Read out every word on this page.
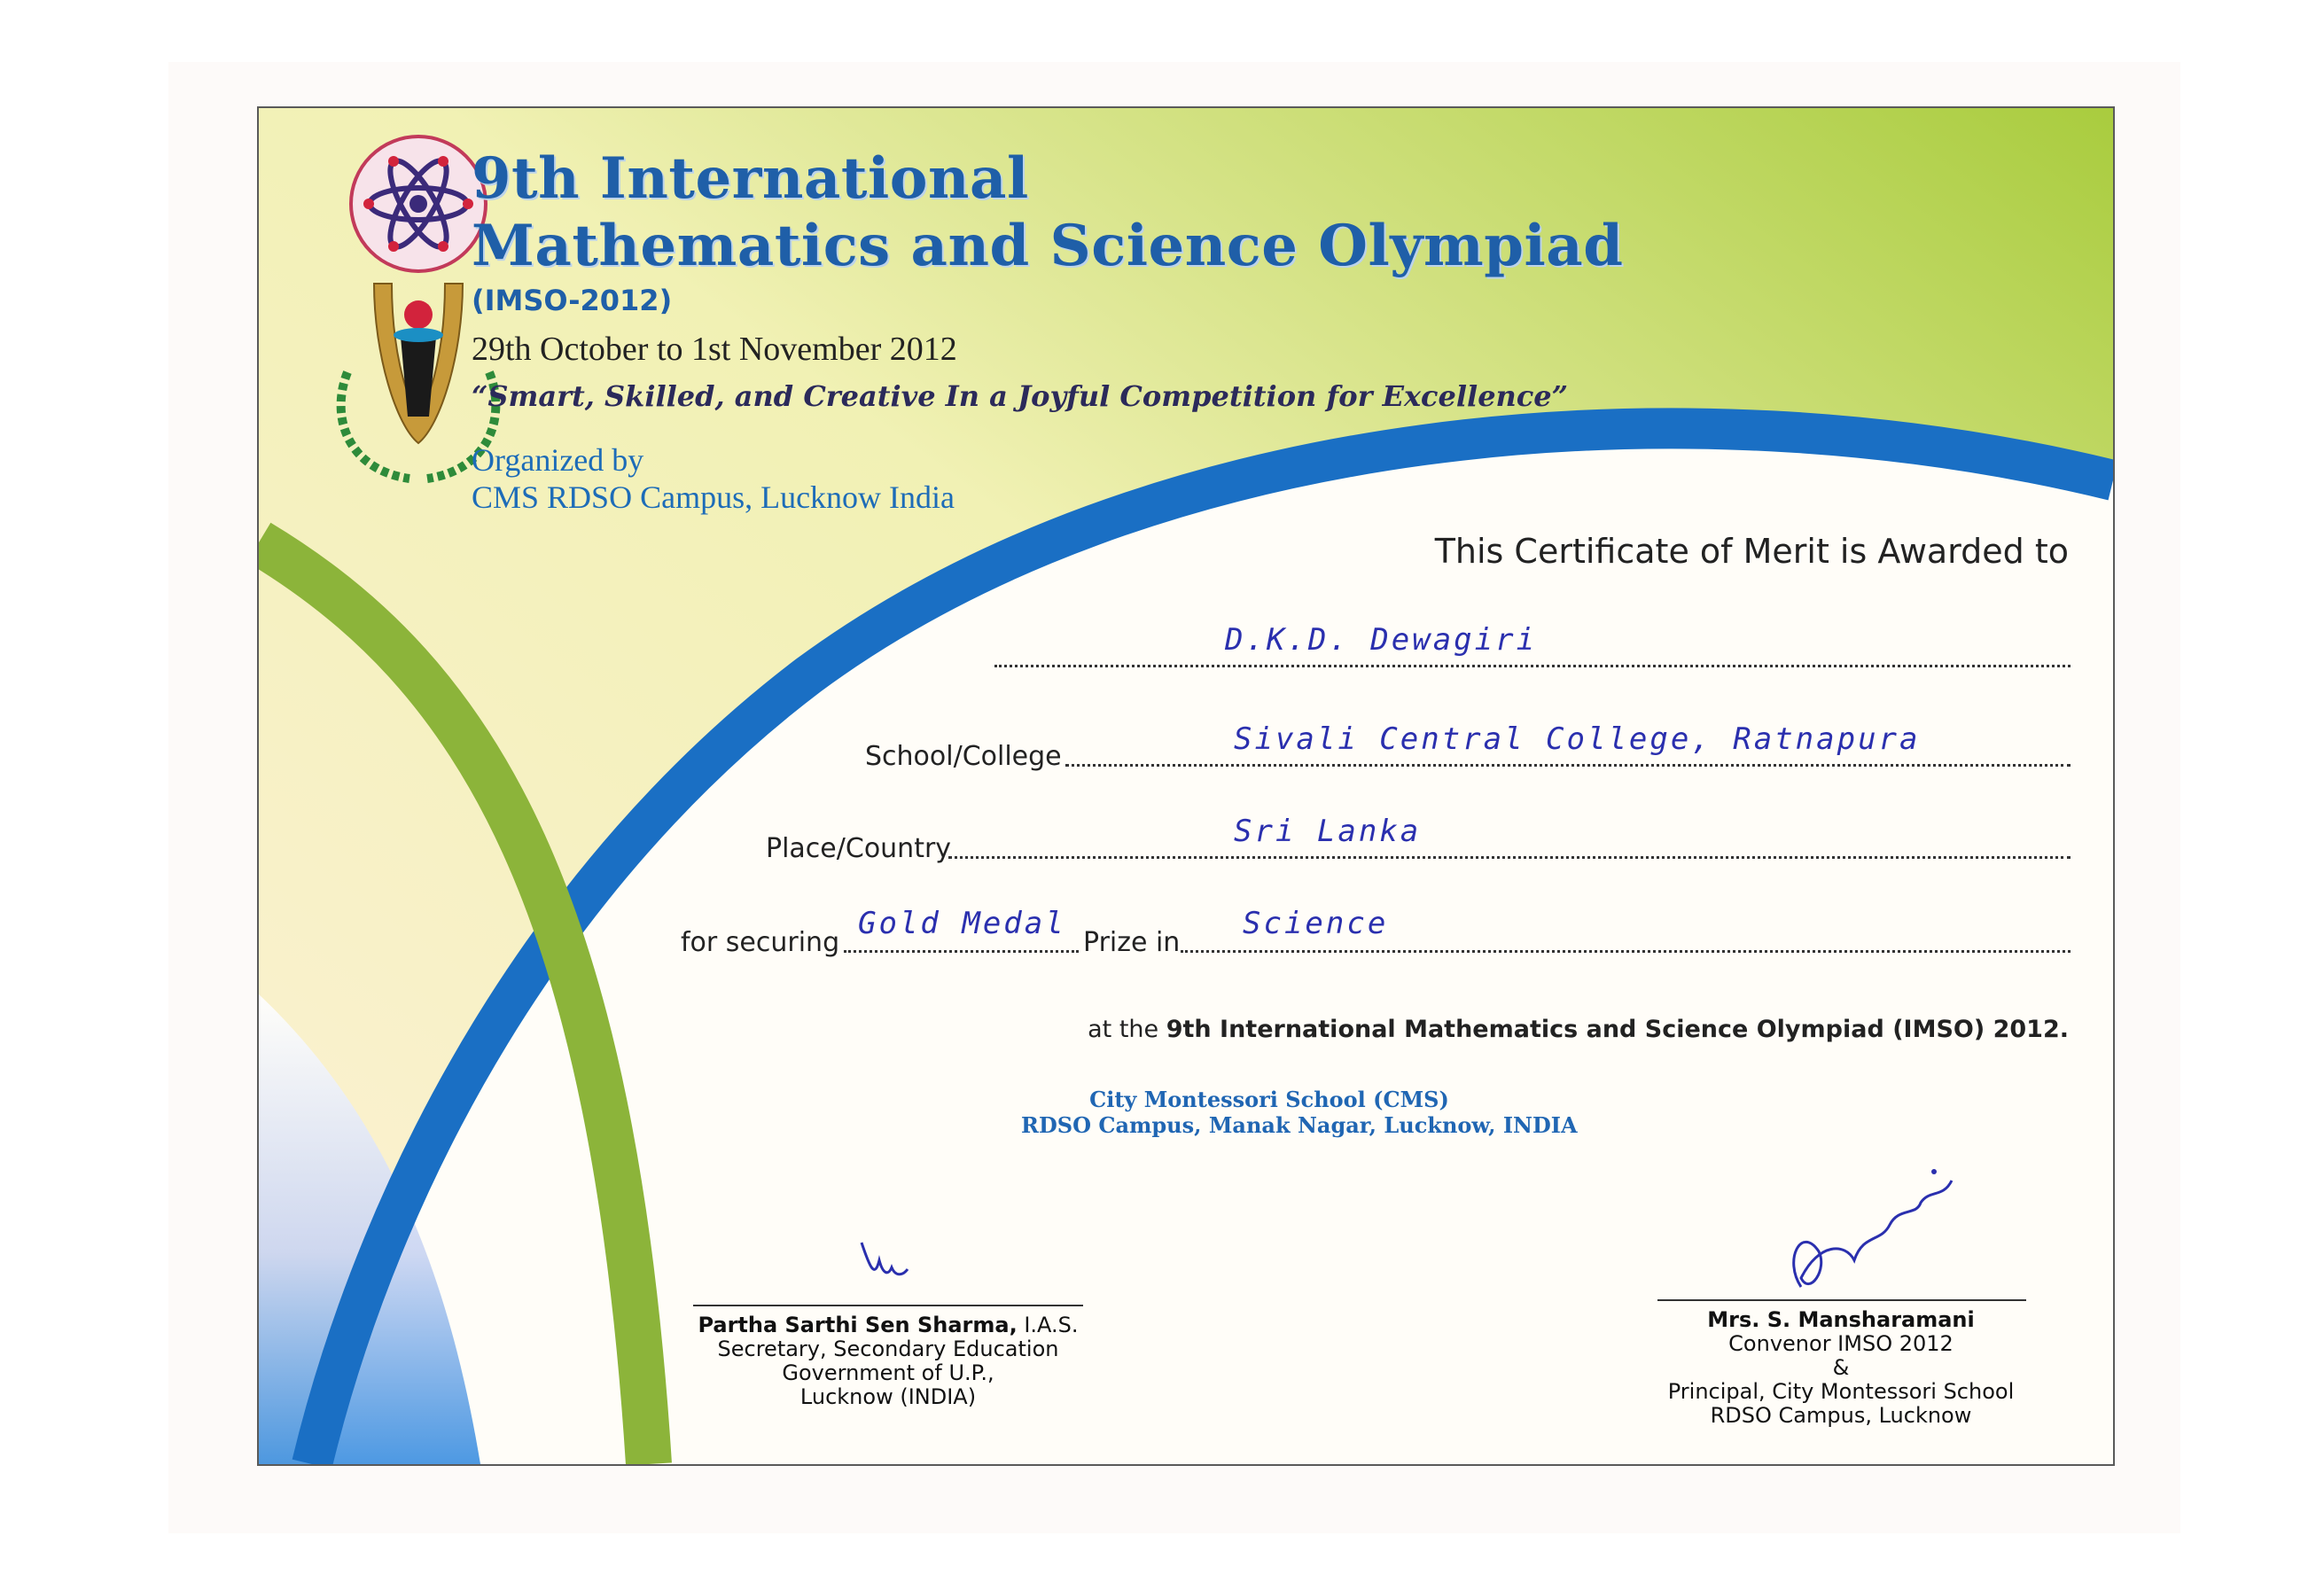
9th International

Mathematics and Science Olympiad

(IMSO-2012)

29th October to 1st November 2012

“Smart, Skilled, and Creative In a Joyful Competition for Excellence”

Organized by

CMS RDSO Campus, Lucknow India

This Certificate of Merit is Awarded to

D.K.D. Dewagiri

School/College	Sivali Central College, Ratnapura

Place/Country	Sri Lanka

for securing

Gold Medal

Prize in

Science

at the 9th International Mathematics and Science Olympiad (IMSO) 2012.

City Montessori School (CMS)
RDSO Campus, Manak Nagar, Lucknow, INDIA
Partha Sarthi Sen Sharma, I.A.S.
Secretary, Secondary Education
Government of U.P.,
Lucknow (INDIA)
Mrs. S. Mansharamani
Convenor IMSO 2012
&
Principal, City Montessori School
RDSO Campus, Lucknow
